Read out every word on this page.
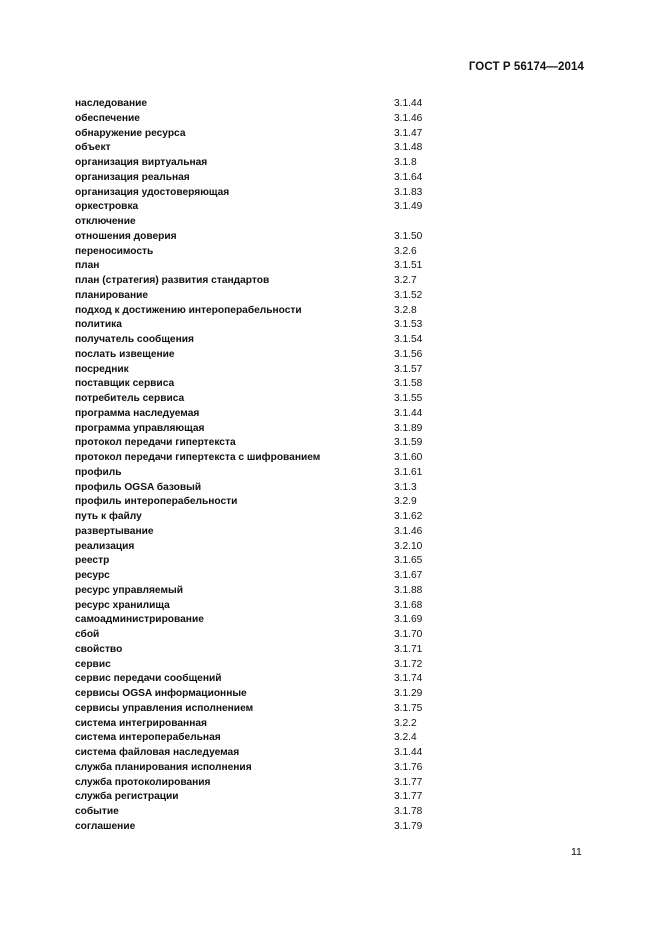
ГОСТ Р 56174—2014
наследование	3.1.44
обеспечение	3.1.46
обнаружение ресурса	3.1.47
объект	3.1.48
организация виртуальная	3.1.8
организация реальная	3.1.64
организация удостоверяющая	3.1.83
оркестровка	3.1.49
отключение
отношения доверия	3.1.50
переносимость	3.2.6
план	3.1.51
план (стратегия) развития стандартов	3.2.7
планирование	3.1.52
подход к достижению интероперабельности	3.2.8
политика	3.1.53
получатель сообщения	3.1.54
послать извещение	3.1.56
посредник	3.1.57
поставщик сервиса	3.1.58
потребитель сервиса	3.1.55
программа наследуемая	3.1.44
программа управляющая	3.1.89
протокол передачи гипертекста	3.1.59
протокол передачи гипертекста с шифрованием	3.1.60
профиль	3.1.61
профиль OGSA базовый	3.1.3
профиль интероперабельности	3.2.9
путь к файлу	3.1.62
развертывание	3.1.46
реализация	3.2.10
реестр	3.1.65
ресурс	3.1.67
ресурс управляемый	3.1.88
ресурс хранилища	3.1.68
самоадминистрирование	3.1.69
сбой	3.1.70
свойство	3.1.71
сервис	3.1.72
сервис передачи сообщений	3.1.74
сервисы OGSA информационные	3.1.29
сервисы управления исполнением	3.1.75
система интегрированная	3.2.2
система интероперабельная	3.2.4
система файловая наследуемая	3.1.44
служба планирования исполнения	3.1.76
служба протоколирования	3.1.77
служба регистрации	3.1.77
событие	3.1.78
соглашение	3.1.79
11
